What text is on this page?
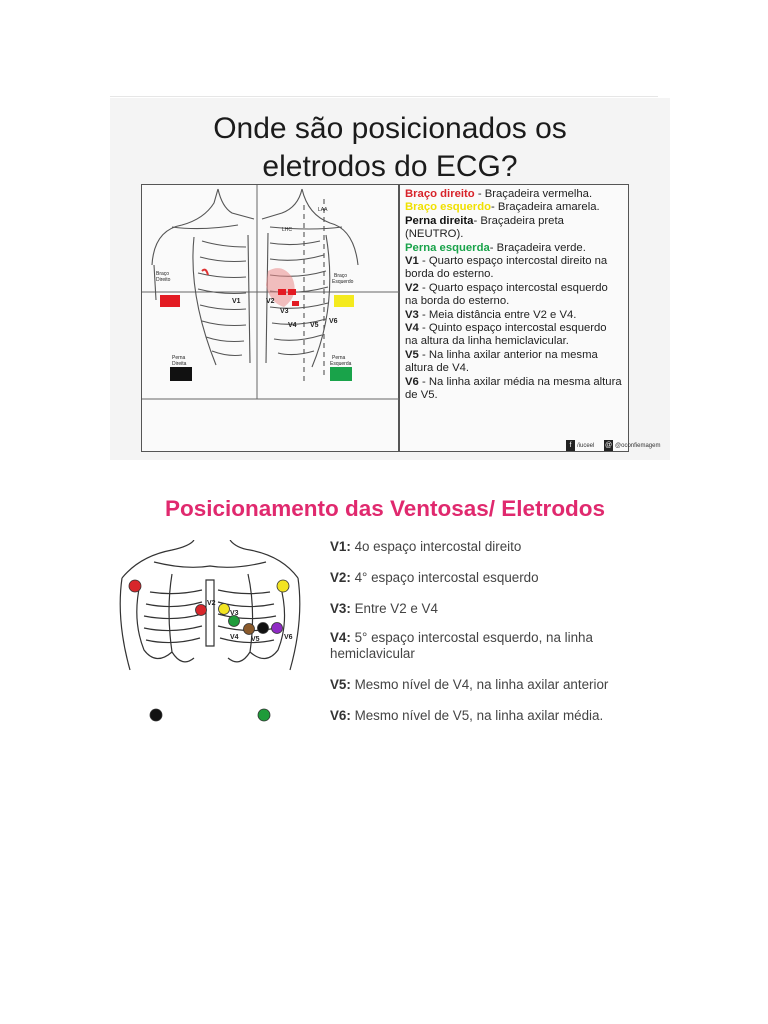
Onde são posicionados os
eletrodos do ECG?
LHC
LAA
Braço
Direito
Braço
Esquerdo
Perna
Direita
Perna
Esquerda
V1	V2
V3
V4 V5
V6

Braço direito - Braçadeira vermelha.

Braço esquerdo- Braçadeira amarela.

Perna direita- Braçadeira preta (NEUTRO).

Perna esquerda- Braçadeira verde.

V1 - Quarto espaço intercostal direito na borda do esterno.

V2 - Quarto espaço intercostal esquerdo na borda do esterno.

V3 - Meia distância entre V2 e V4.

V4 - Quinto espaço intercostal esquerdo na altura da linha hemiclavicular.

V5 - Na linha axilar anterior na mesma altura de V4.

V6 - Na linha axilar média na mesma altura de V5.

f /iuceel @ @oconfiemagem
Posicionamento das Ventosas/ Eletrodos
V2
V3
V4 V5	V6
V1: 4o espaço intercostal direito
V2: 4° espaço intercostal esquerdo
V3: Entre V2 e V4
V4: 5° espaço intercostal esquerdo, na linha
hemiclavicular
V5: Mesmo nível de V4, na linha axilar anterior
V6: Mesmo nível de V5, na linha axilar média.
